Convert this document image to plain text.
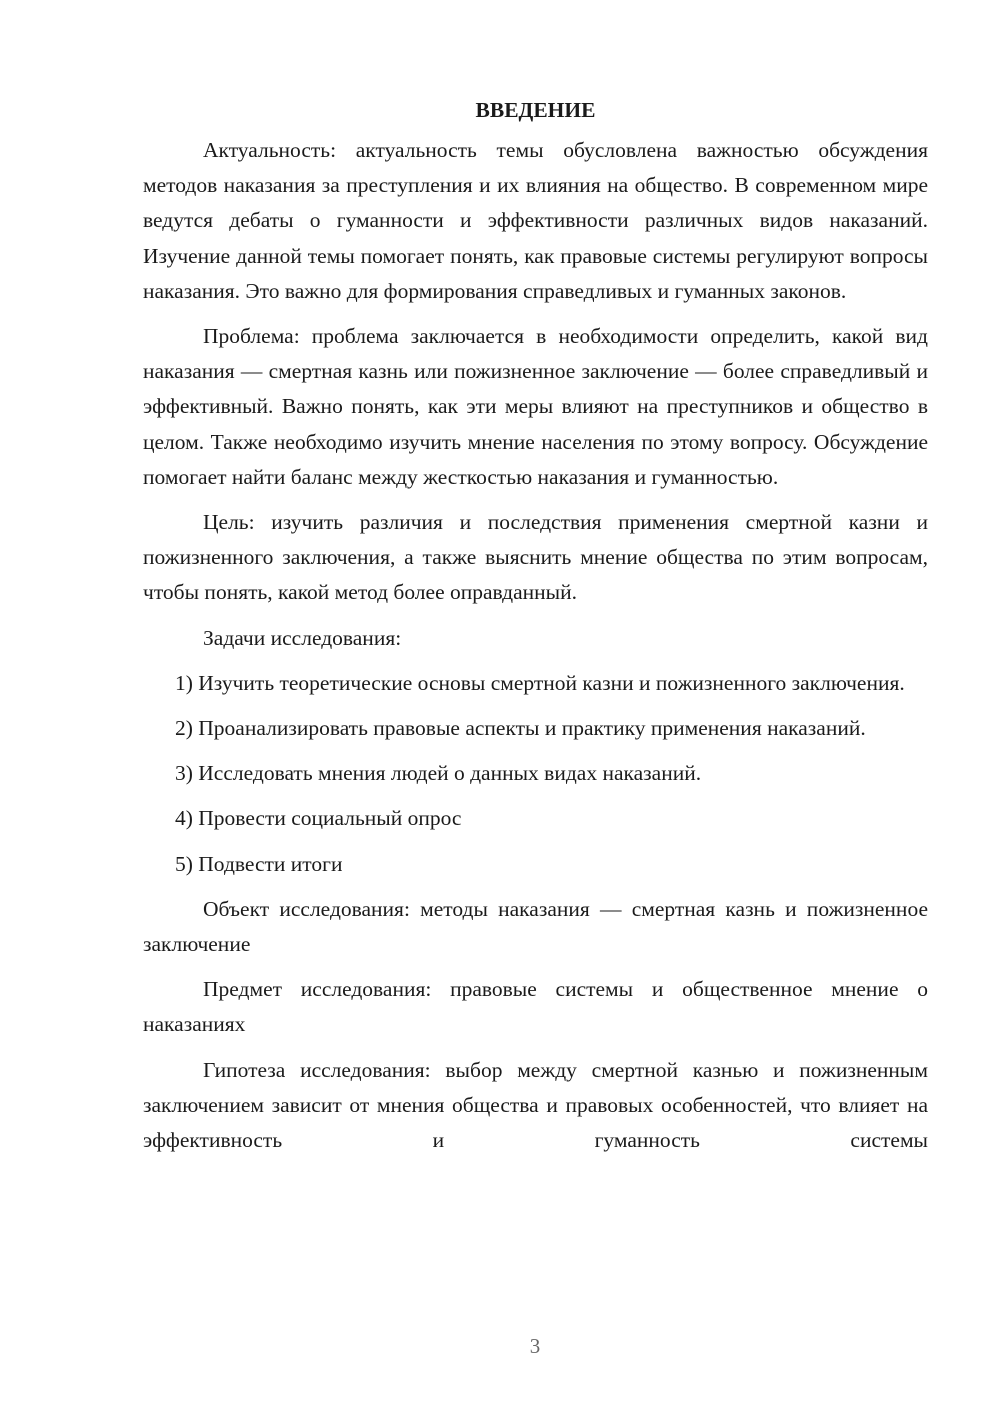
ВВЕДЕНИЕ

Актуальность: актуальность темы обусловлена важностью обсуждения методов наказания за преступления и их влияния на общество. В современном мире ведутся дебаты о гуманности и эффективности различных видов наказаний. Изучение данной темы помогает понять, как правовые системы регулируют вопросы наказания. Это важно для формирования справедливых и гуманных законов.

Проблема: проблема заключается в необходимости определить, какой вид наказания — смертная казнь или пожизненное заключение — более справедливый и эффективный. Важно понять, как эти меры влияют на преступников и общество в целом. Также необходимо изучить мнение населения по этому вопросу. Обсуждение помогает найти баланс между жесткостью наказания и гуманностью.

Цель: изучить различия и последствия применения смертной казни и пожизненного заключения, а также выяснить мнение общества по этим вопросам, чтобы понять, какой метод более оправданный.

Задачи исследования:

1) Изучить теоретические основы смертной казни и пожизненного заключения.

2) Проанализировать правовые аспекты и практику применения наказаний.

3) Исследовать мнения людей о данных видах наказаний.

4) Провести социальный опрос

5) Подвести итоги

Объект исследования: методы наказания — смертная казнь и пожизненное заключение

Предмет исследования: правовые системы и общественное мнение о наказаниях

Гипотеза исследования: выбор между смертной казнью и пожизненным заключением зависит от мнения общества и правовых особенностей, что влияет на эффективность и гуманность системы

3
